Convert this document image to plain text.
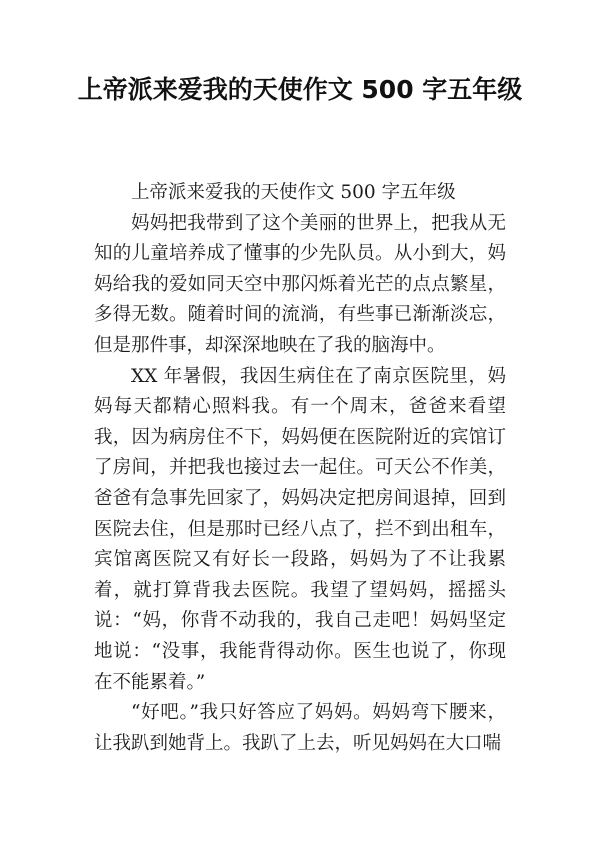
上帝派来爱我的天使作文 500 字五年级

上帝派来爱我的天使作文 500 字五年级

妈妈把我带到了这个美丽的世界上，把我从无知的儿童培养成了懂事的少先队员。从小到大，妈妈给我的爱如同天空中那闪烁着光芒的点点繁星，多得无数。随着时间的流淌，有些事已渐渐淡忘，但是那件事，却深深地映在了我的脑海中。

XX 年暑假，我因生病住在了南京医院里，妈妈每天都精心照料我。有一个周末，爸爸来看望我，因为病房住不下，妈妈便在医院附近的宾馆订了房间，并把我也接过去一起住。可天公不作美，爸爸有急事先回家了，妈妈决定把房间退掉，回到医院去住，但是那时已经八点了，拦不到出租车，宾馆离医院又有好长一段路，妈妈为了不让我累着，就打算背我去医院。我望了望妈妈，摇摇头说：“妈，你背不动我的，我自己走吧！妈妈坚定地说：“没事，我能背得动你。医生也说了，你现在不能累着。”

“好吧。”我只好答应了妈妈。妈妈弯下腰来，让我趴到她背上。我趴了上去，听见妈妈在大口喘
